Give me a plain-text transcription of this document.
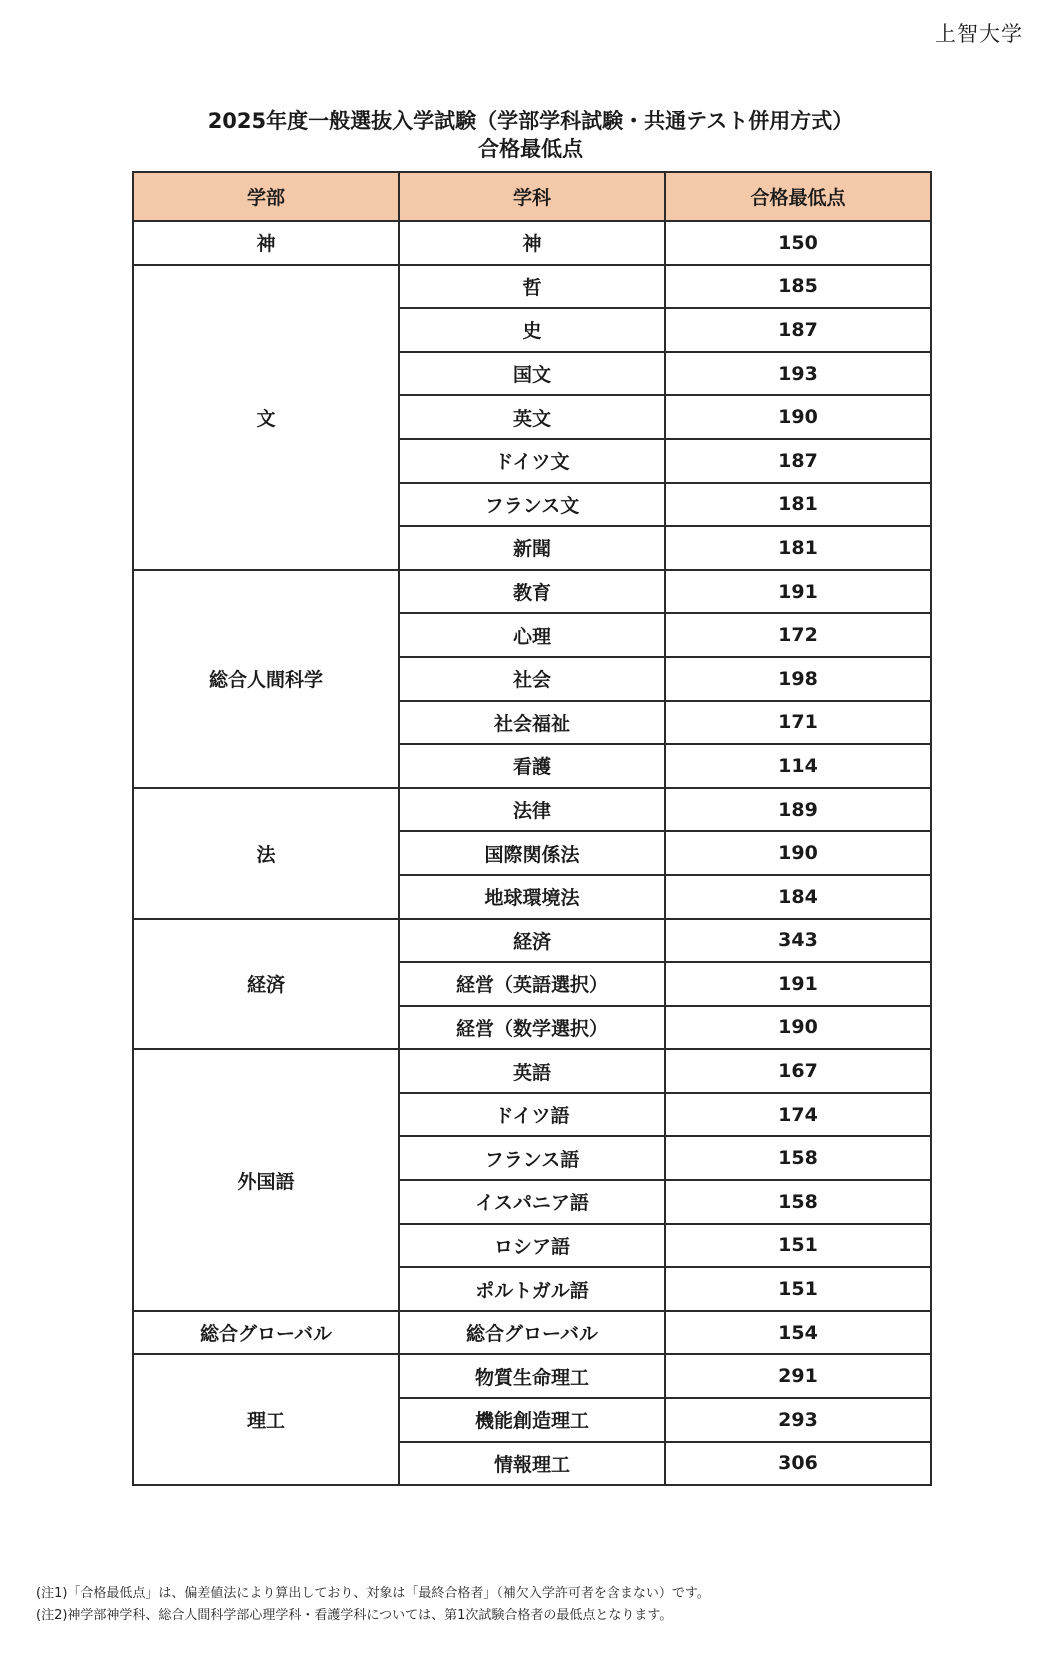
上智大学
2025年度一般選抜入学試験（学部学科試験・共通テスト併用方式）
合格最低点
学部	学科	合格最低点
神	神	150
文	哲	185
	史	187
	国文	193
	英文	190
	ドイツ文	187
	フランス文	181
	新聞	181
総合人間科学	教育	191
	心理	172
	社会	198
	社会福祉	171
	看護	114
法	法律	189
	国際関係法	190
	地球環境法	184
経済	経済	343
	経営（英語選択）	191
	経営（数学選択）	190
外国語	英語	167
	ドイツ語	174
	フランス語	158
	イスパニア語	158
	ロシア語	151
	ポルトガル語	151
総合グローバル	総合グローバル	154
理工	物質生命理工	291
	機能創造理工	293
	情報理工	306
(注1)「合格最低点」は、偏差値法により算出しており、対象は「最終合格者」（補欠入学許可者を含まない）です。
(注2)神学部神学科、総合人間科学部心理学科・看護学科については、第1次試験合格者の最低点となります。
